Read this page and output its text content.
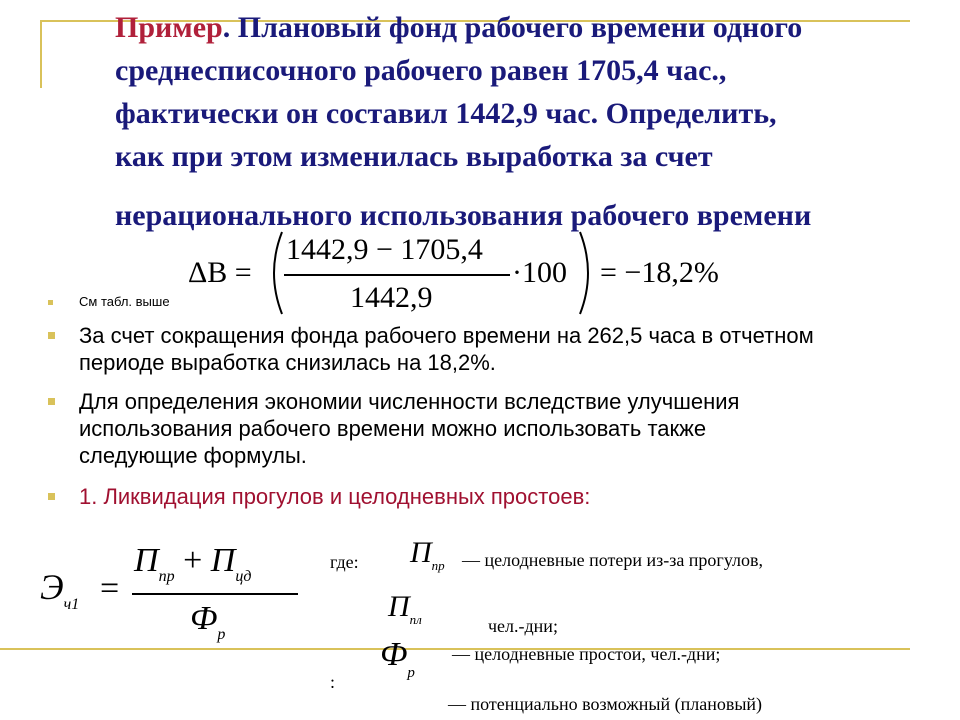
Пример. Плановый фонд рабочего времени одного
среднесписочного рабочего равен 1705,4 час.,
фактически он составил 1442,9 час. Определить,
как при этом изменилась выработка за счет
нерационального использования рабочего времени
ΔB =
1442,9 − 1705,4
1442,9
·100 = −18,2%
См табл. выше
За счет сокращения фонда рабочего времени на 262,5 часа в отчетном периоде выработка снизилась на 18,2%.
Для определения экономии численности вследствие улучшения использования рабочего времени можно использовать также следующие формулы.
1. Ликвидация прогулов и целодневных простоев:
$Э_{ч1}$ =
$П_{пр} + П_{цд}$
$Ф_р$
где: $П_{пр}$ — целодневные потери из-за прогулов,
$П_{пл}$	чел.-дни;
$Ф_р$
— целодневные простои, чел.-дни;
:
— потенциально возможный (плановый)
